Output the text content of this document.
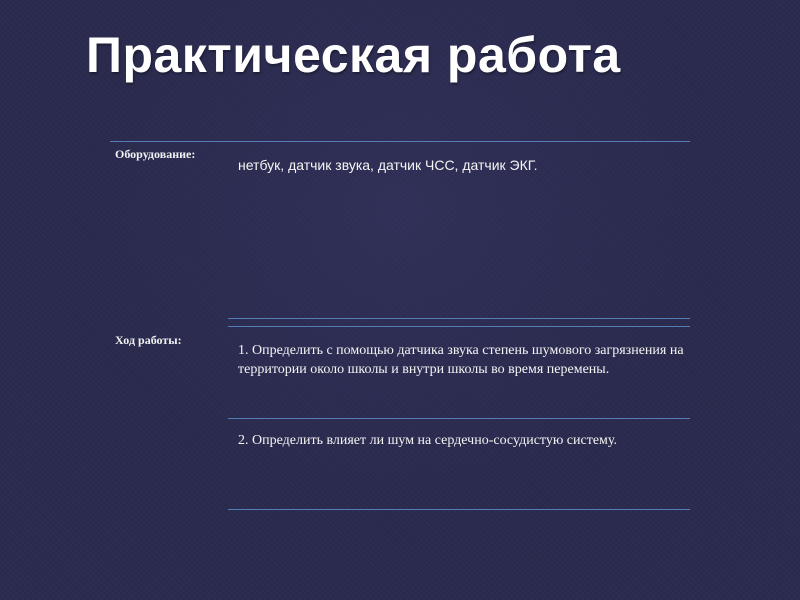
Практическая работа
Оборудование:
нетбук, датчик звука, датчик ЧСС, датчик ЭКГ.
Ход работы:
1. Определить с помощью датчика звука степень шумового загрязнения на территории около школы и внутри школы во время перемены.
2. Определить влияет ли шум на сердечно-сосудистую систему.
